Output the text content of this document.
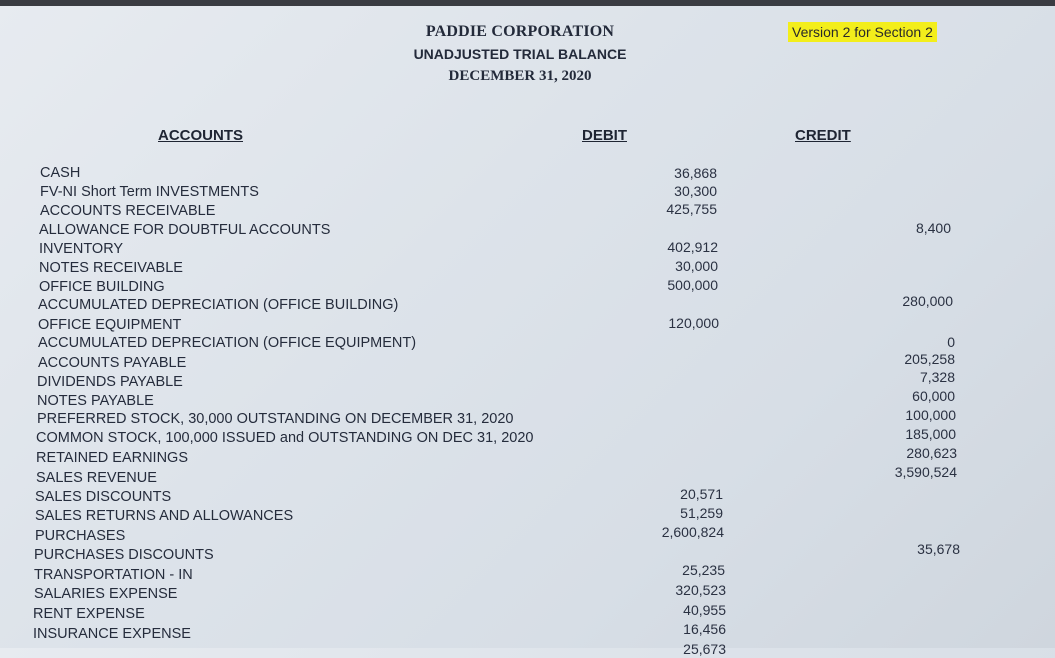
PADDIE CORPORATION
UNADJUSTED TRIAL BALANCE
DECEMBER 31, 2020
Version 2 for Section 2
ACCOUNTS	DEBIT	CREDIT
CASH
FV-NI Short Term INVESTMENTS
ACCOUNTS RECEIVABLE
ALLOWANCE FOR DOUBTFUL ACCOUNTS
INVENTORY
NOTES RECEIVABLE
OFFICE BUILDING
ACCUMULATED DEPRECIATION (OFFICE BUILDING)
OFFICE EQUIPMENT
ACCUMULATED DEPRECIATION (OFFICE EQUIPMENT)
ACCOUNTS PAYABLE
DIVIDENDS PAYABLE
NOTES PAYABLE
PREFERRED STOCK, 30,000 OUTSTANDING ON DECEMBER 31, 2020
COMMON STOCK, 100,000 ISSUED and OUTSTANDING ON DEC 31, 2020
RETAINED EARNINGS
SALES REVENUE
SALES DISCOUNTS
SALES RETURNS AND ALLOWANCES
PURCHASES
PURCHASES DISCOUNTS
TRANSPORTATION - IN
SALARIES EXPENSE
RENT EXPENSE
INSURANCE EXPENSE
36,868
30,300
425,755
402,912
30,000
500,000
120,000
20,571
51,259
2,600,824
25,235
320,523
40,955
16,456
25,673
8,400
280,000
0
205,258
7,328
60,000
100,000
185,000
280,623
3,590,524
35,678
